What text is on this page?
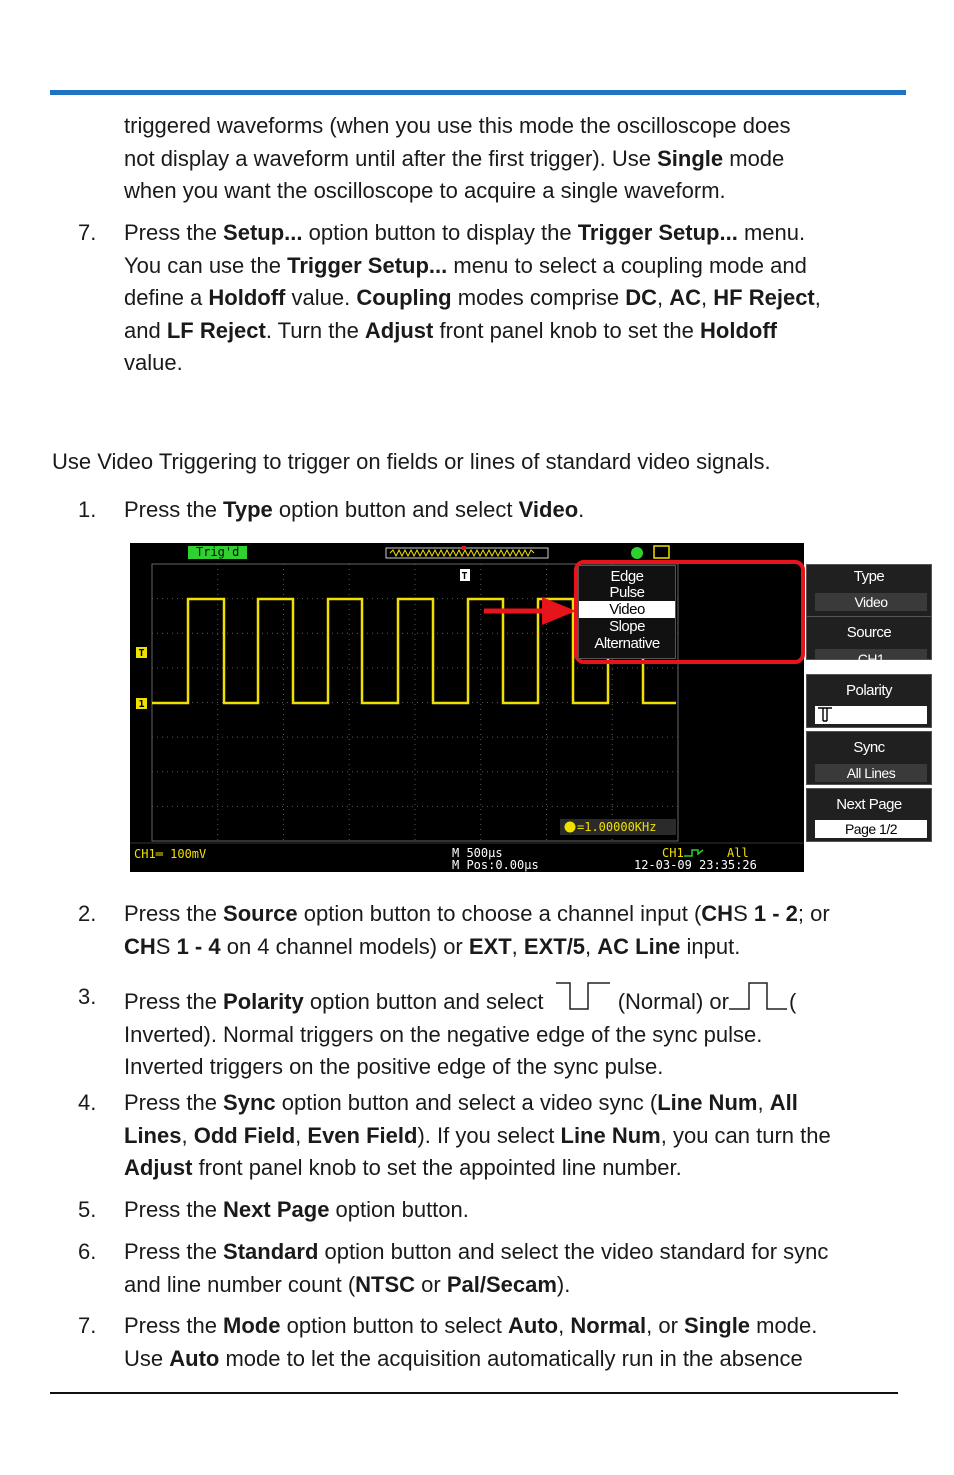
triggered waveforms (when you use this mode the oscilloscope does
not display a waveform until after the first trigger). Use Single mode
when you want the oscilloscope to acquire a single waveform.
7.	Press the Setup... option button to display the Trigger Setup... menu.
You can use the Trigger Setup... menu to select a coupling mode and
define a Holdoff value. Coupling modes comprise DC, AC, HF Reject,
and LF Reject. Turn the Adjust front panel knob to set the Holdoff
value.
Use Video Triggering to trigger on fields or lines of standard video signals.
1.	Press the Type option button and select Video.
T
1
T
Trig'd
Edge
Pulse
Video
Slope
Alternative
TRIGGER
Type
Video
Source
CH1
Polarity
Sync
All Lines
Next Page
Page 1/2
=1.00000KHz
CH1═ 100mV	M 500μs
M Pos:0.00μs
CH1	All
12-03-09 23:35:26
2.	Press the Source option button to choose a channel input (CHS 1 - 2; or
CHS 1 - 4 on 4 channel models) or EXT, EXT/5, AC Line input.
3.	Press the Polarity option button and select	(Normal) or	(
Inverted). Normal triggers on the negative edge of the sync pulse.
Inverted triggers on the positive edge of the sync pulse.
4.	Press the Sync option button and select a video sync (Line Num, All
Lines, Odd Field, Even Field). If you select Line Num, you can turn the
Adjust front panel knob to set the appointed line number.
5.	Press the Next Page option button.
6.	Press the Standard option button and select the video standard for sync
and line number count (NTSC or Pal/Secam).
7.	Press the Mode option button to select Auto, Normal, or Single mode.
Use Auto mode to let the acquisition automatically run in the absence
